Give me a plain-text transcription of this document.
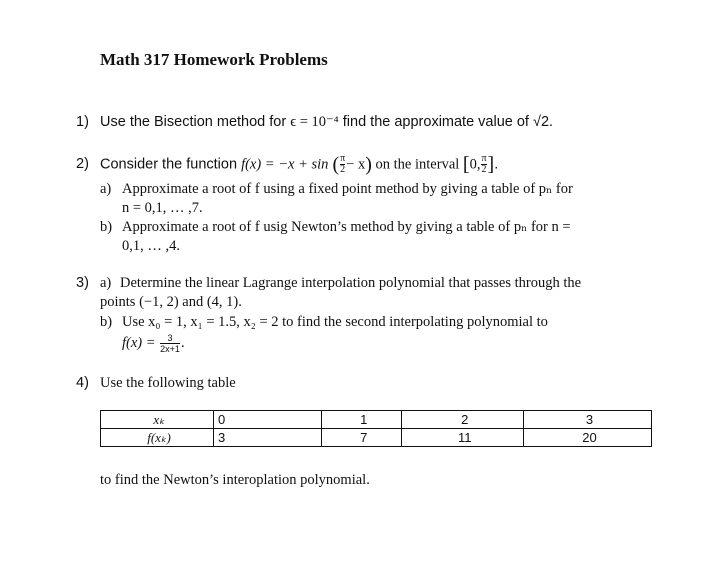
Math 317 Homework Problems
1) Use the Bisection method for ϵ = 10⁻⁴ find the approximate value of √2.
2) Consider the function f(x) = −x + sin ( $\frac{\pi}{2} - x$) on the interval [0, $\frac{\pi}{2}$ ].
a) Approximate a root of f using a fixed point method by giving a table of pₙ for
n = 0,1, … ,7.
b) Approximate a root of f usig Newton’s method by giving a table of pₙ for n =
0,1, … ,4.
3) a) Determine the linear Lagrange interpolation polynomial that passes through the
points (−1, 2) and (4, 1).
b) Use x₀ = 1, x₁ = 1.5, x₂ = 2 to find the second interpolating polynomial to
$f(x) = \frac{3}{2x+1}$ .
4) Use the following table
xₖ	0	1	2	3
f(xₖ)	3	7	11	20
to find the Newton’s interoplation polynomial.
